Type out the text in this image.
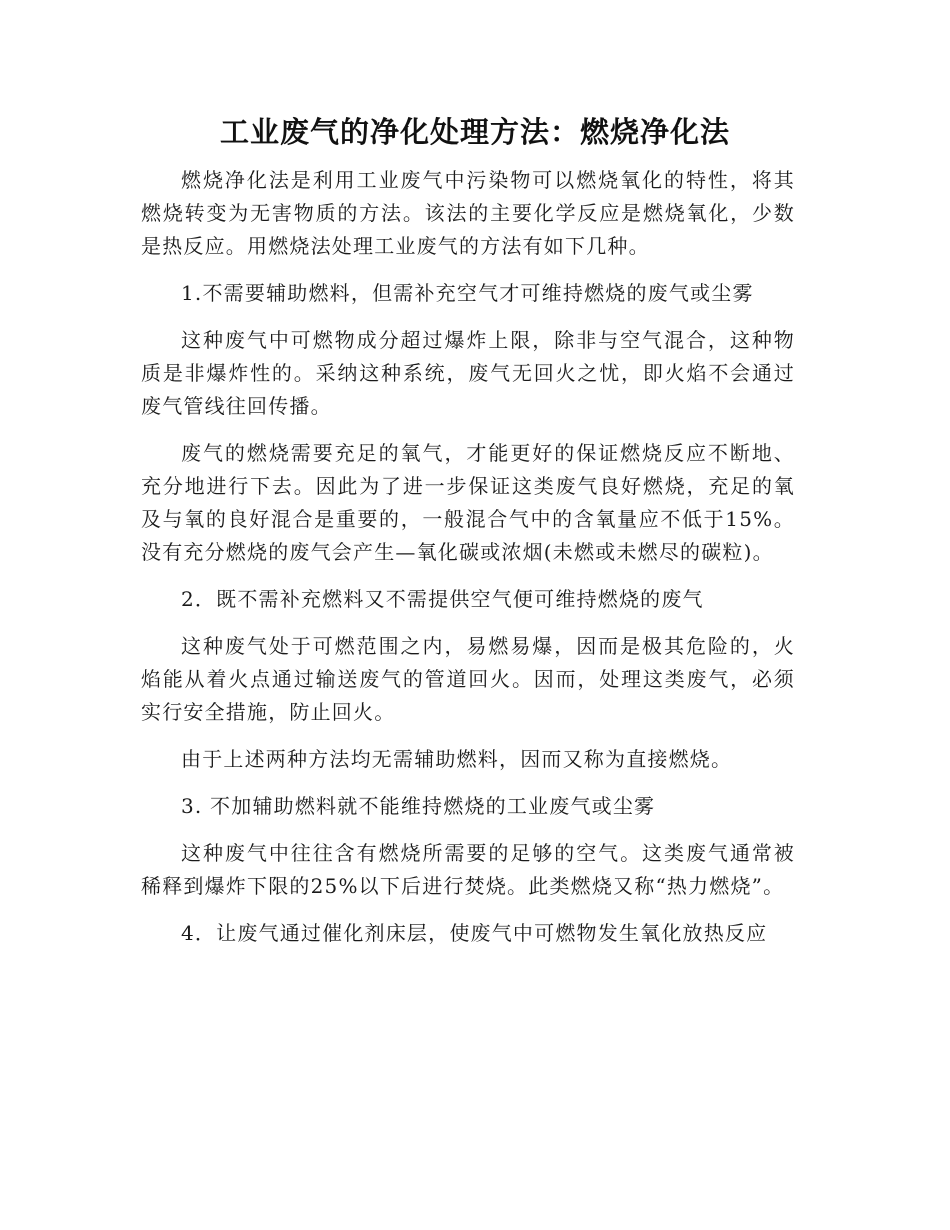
工业废气的净化处理方法：燃烧净化法

燃烧净化法是利用工业废气中污染物可以燃烧氧化的特性，将其燃烧转变为无害物质的方法。该法的主要化学反应是燃烧氧化，少数是热反应。用燃烧法处理工业废气的方法有如下几种。

1.不需要辅助燃料，但需补充空气才可维持燃烧的废气或尘雾

这种废气中可燃物成分超过爆炸上限，除非与空气混合，这种物质是非爆炸性的。采纳这种系统，废气无回火之忧，即火焰不会通过废气管线往回传播。

废气的燃烧需要充足的氧气，才能更好的保证燃烧反应不断地、充分地进行下去。因此为了进一步保证这类废气良好燃烧，充足的氧及与氧的良好混合是重要的，一般混合气中的含氧量应不低于15%。没有充分燃烧的废气会产生—氧化碳或浓烟(未燃或未燃尽的碳粒)。

2．既不需补充燃料又不需提供空气便可维持燃烧的废气

这种废气处于可燃范围之内，易燃易爆，因而是极其危险的，火焰能从着火点通过输送废气的管道回火。因而，处理这类废气，必须实行安全措施，防止回火。

由于上述两种方法均无需辅助燃料，因而又称为直接燃烧。

3. 不加辅助燃料就不能维持燃烧的工业废气或尘雾

这种废气中往往含有燃烧所需要的足够的空气。这类废气通常被稀释到爆炸下限的25%以下后进行焚烧。此类燃烧又称“热力燃烧”。

4．让废气通过催化剂床层，使废气中可燃物发生氧化放热反应
